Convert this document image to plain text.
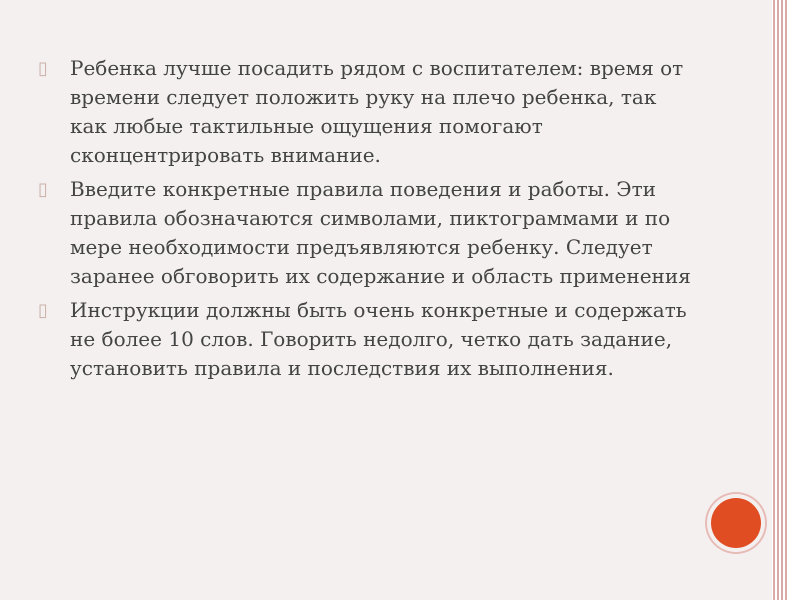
▯	Ребенка лучше посадить рядом с воспитателем: время от времени следует положить руку на плечо ребенка, так как любые тактильные ощущения помогают сконцентрировать внимание.
▯	Введите конкретные правила поведения и работы. Эти правила обозначаются символами, пиктограммами и по мере необходимости предъявляются ребенку. Следует заранее обговорить их содержание и область применения
▯	Инструкции должны быть очень конкретные и содержать не более 10 слов. Говорить недолго, четко дать задание, установить правила и последствия их выполнения.
